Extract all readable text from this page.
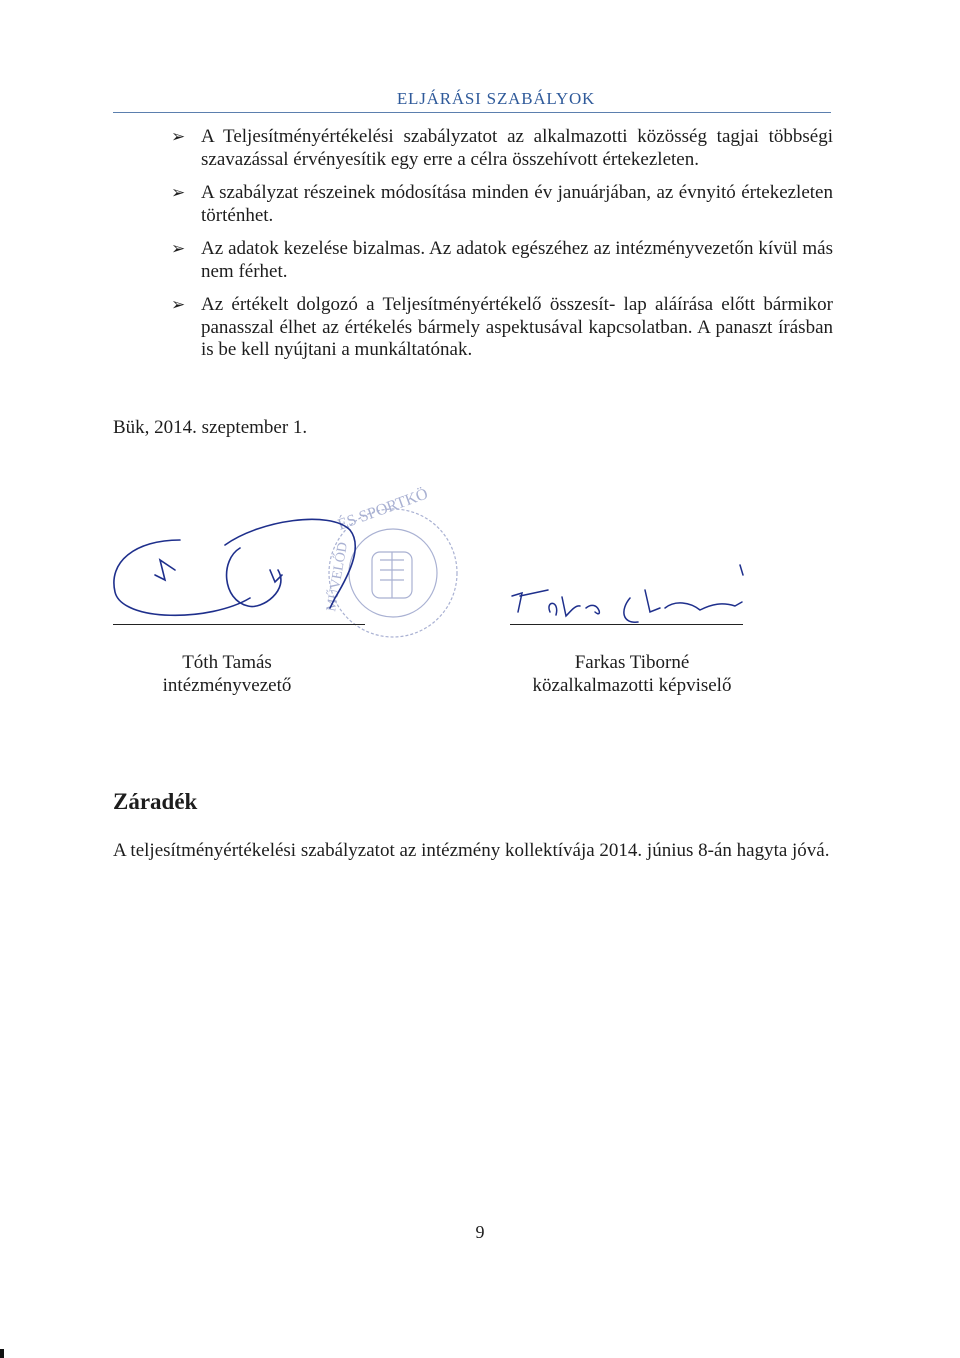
ELJÁRÁSI SZABÁLYOK
➢ A Teljesítményértékelési szabályzatot az alkalmazotti közösség tagjai többségi szavazással érvényesítik egy erre a célra összehívott értekezleten.
➢ A szabályzat részeinek módosítása minden év januárjában, az évnyitó értekezleten történhet.
➢ Az adatok kezelése bizalmas. Az adatok egészéhez az intézményvezetőn kívül más nem férhet.
➢ Az értékelt dolgozó a Teljesítményértékelő összesít- lap aláírása előtt bármikor panasszal élhet az értékelés bármely aspektusával kapcsolatban. A panaszt írásban is be kell nyújtani a munkáltatónak.
Bük, 2014. szeptember 1.
ÉS SPORTKÖ
MŰVELŐD
Tóth Tamás
intézményvezető
Farkas Tiborné
közalkalmazotti képviselő
Záradék
A teljesítményértékelési szabályzatot az intézmény kollektívája 2014. június 8-án hagyta jóvá.
9
